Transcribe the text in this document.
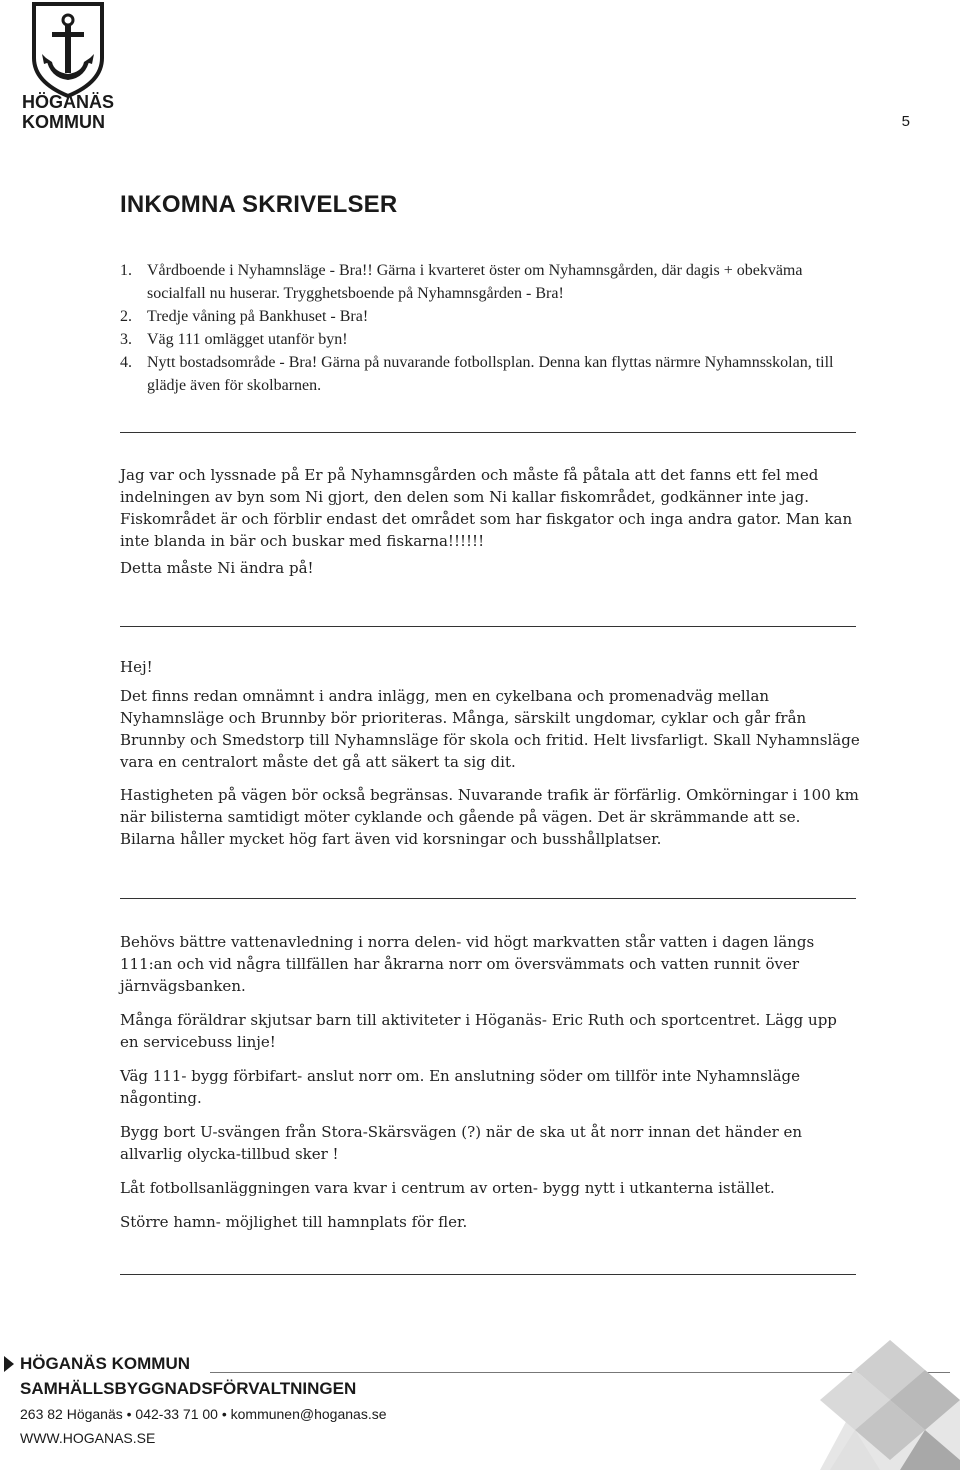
HÖGANÄS
KOMMUN	5
INKOMNA SKRIVELSER
1. Vårdboende i Nyhamnsläge - Bra!! Gärna i kvarteret öster om Nyhamnsgården, där dagis + obekväma socialfall nu huserar. Trygghetsboende på Nyhamnsgården - Bra!
2. Tredje våning på Bankhuset - Bra!
3. Väg 111 omlägget utanför byn!
4. Nytt bostadsområde - Bra! Gärna på nuvarande fotbollsplan. Denna kan flyttas närmre Nyhamnsskolan, till glädje även för skolbarnen.

Jag var och lyssnade på Er på Nyhamnsgården och måste få påtala att det fanns ett fel med indelningen av byn som Ni gjort, den delen som Ni kallar fiskområdet, godkänner inte jag. Fiskområdet är och förblir endast det området som har fiskgator och inga andra gator. Man kan inte blanda in bär och buskar med fiskarna!!!!!!

Detta måste Ni ändra på!

Hej!

Det finns redan omnämnt i andra inlägg, men en cykelbana och promenadväg mellan Nyhamnsläge och Brunnby bör prioriteras. Många, särskilt ungdomar, cyklar och går från Brunnby och Smedstorp till Nyhamnsläge för skola och fritid. Helt livsfarligt. Skall Nyhamnsläge vara en centralort måste det gå att säkert ta sig dit.

Hastigheten på vägen bör också begränsas. Nuvarande trafik är förfärlig. Omkörningar i 100 km när bilisterna samtidigt möter cyklande och gående på vägen. Det är skrämmande att se. Bilarna håller mycket hög fart även vid korsningar och busshållplatser.

Behövs bättre vattenavledning i norra delen- vid högt markvatten står vatten i dagen längs 111:an och vid några tillfällen har åkrarna norr om översvämmats och vatten runnit över järnvägsbanken.

Många föräldrar skjutsar barn till aktiviteter i Höganäs- Eric Ruth och sportcentret. Lägg upp en servicebuss linje!

Väg 111- bygg förbifart- anslut norr om. En anslutning söder om tillför inte Nyhamnsläge någonting.

Bygg bort U-svängen från Stora-Skärsvägen (?) när de ska ut åt norr innan det händer en allvarlig olycka-tillbud sker !

Låt fotbollsanläggningen vara kvar i centrum av orten- bygg nytt i utkanterna istället.

Större hamn- möjlighet till hamnplats för fler.

HÖGANÄS KOMMUN
SAMHÄLLSBYGGNADSFÖRVALTNINGEN
263 82 Höganäs • 042-33 71 00 • kommunen@hoganas.se
WWW.HOGANAS.SE
